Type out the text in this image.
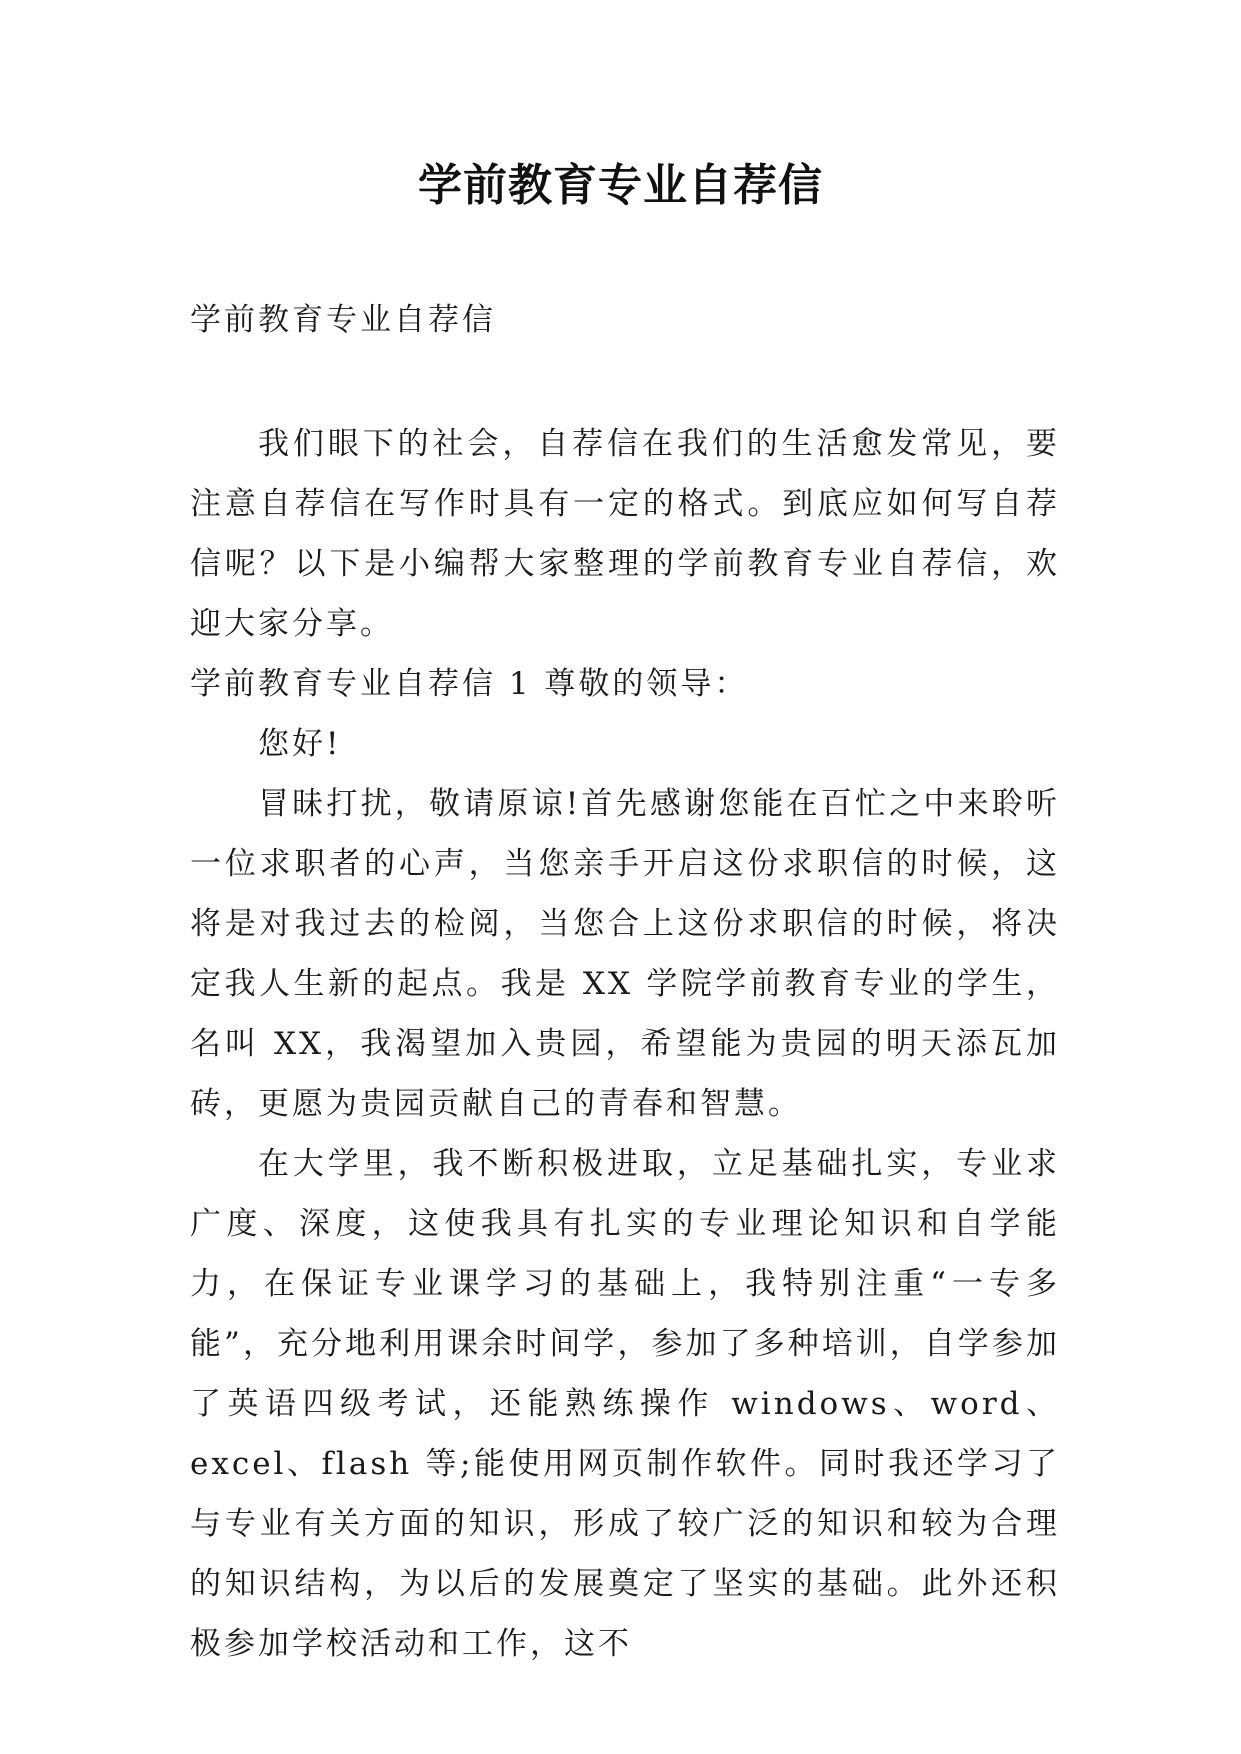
学前教育专业自荐信

学前教育专业自荐信

我们眼下的社会，自荐信在我们的生活愈发常见，要注意自荐信在写作时具有一定的格式。到底应如何写自荐信呢？以下是小编帮大家整理的学前教育专业自荐信，欢迎大家分享。

学前教育专业自荐信 1 尊敬的领导：

您好!

冒昧打扰，敬请原谅!首先感谢您能在百忙之中来聆听一位求职者的心声，当您亲手开启这份求职信的时候，这将是对我过去的检阅，当您合上这份求职信的时候，将决定我人生新的起点。我是 XX 学院学前教育专业的学生，名叫 XX，我渴望加入贵园，希望能为贵园的明天添瓦加砖，更愿为贵园贡献自己的青春和智慧。

在大学里，我不断积极进取，立足基础扎实，专业求广度、深度，这使我具有扎实的专业理论知识和自学能力，在保证专业课学习的基础上，我特别注重“一专多能”，充分地利用课余时间学，参加了多种培训，自学参加了英语四级考试，还能熟练操作 windows、word、excel、flash 等;能使用网页制作软件。同时我还学习了与专业有关方面的知识，形成了较广泛的知识和较为合理的知识结构，为以后的发展奠定了坚实的基础。此外还积极参加学校活动和工作，这不
